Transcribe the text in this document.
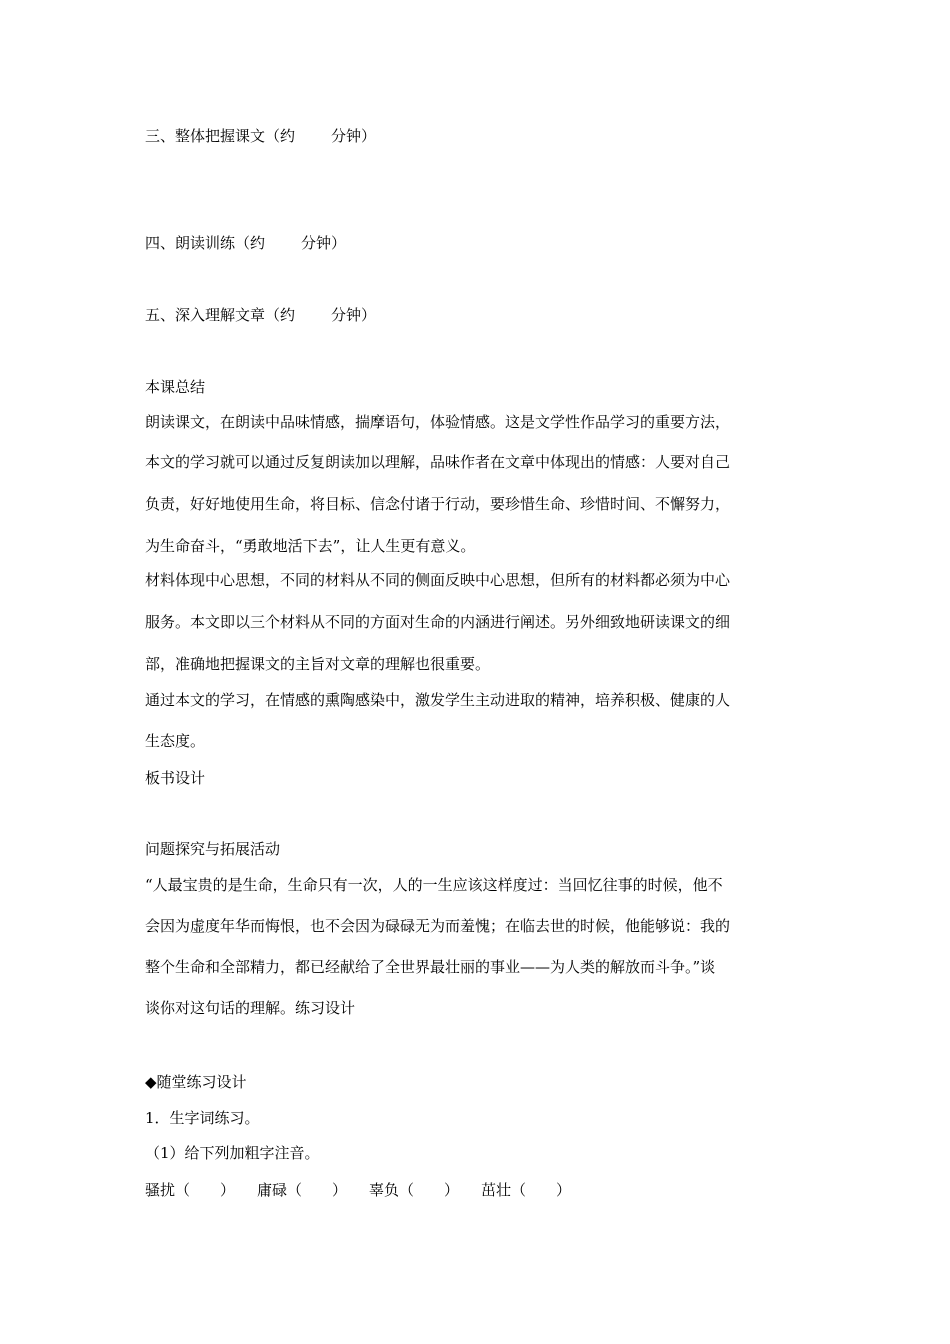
三、整体把握课文（约 分钟）
四、朗读训练（约 分钟）
五、深入理解文章（约 分钟）
本课总结
朗读课文，在朗读中品味情感，揣摩语句，体验情感。这是文学性作品学习的重要方法，
本文的学习就可以通过反复朗读加以理解，品味作者在文章中体现出的情感：人要对自己
负责，好好地使用生命，将目标、信念付诸于行动，要珍惜生命、珍惜时间、不懈努力，
为生命奋斗，“勇敢地活下去”，让人生更有意义。
材料体现中心思想，不同的材料从不同的侧面反映中心思想，但所有的材料都必须为中心
服务。本文即以三个材料从不同的方面对生命的内涵进行阐述。另外细致地研读课文的细
部，准确地把握课文的主旨对文章的理解也很重要。
通过本文的学习，在情感的熏陶感染中，激发学生主动进取的精神，培养积极、健康的人
生态度。
板书设计
问题探究与拓展活动
“人最宝贵的是生命，生命只有一次，人的一生应该这样度过：当回忆往事的时候，他不
会因为虚度年华而悔恨，也不会因为碌碌无为而羞愧；在临去世的时候，他能够说：我的
整个生命和全部精力，都已经献给了全世界最壮丽的事业——为人类的解放而斗争。”谈
谈你对这句话的理解。练习设计
◆随堂练习设计
1．生字词练习。
（1）给下列加粗字注音。
骚扰（　　） 庸碌（　　） 辜负（　　） 茁壮（　　）
